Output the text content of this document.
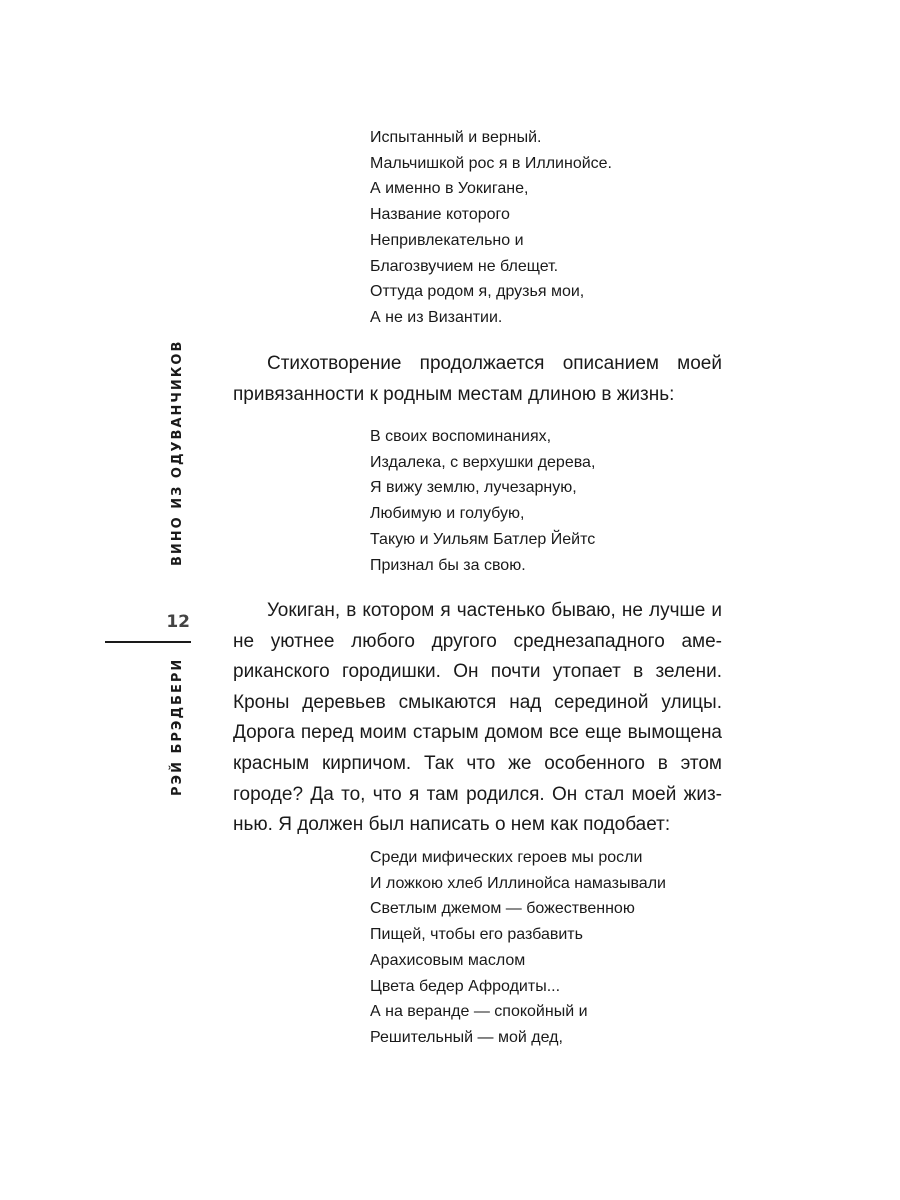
Испытанный и верный.
Мальчишкой рос я в Иллинойсе.
А именно в Уокигане,
Название которого
Непривлекательно и
Благозвучием не блещет.
Оттуда родом я, друзья мои,
А не из Византии.

Стихотворение продолжается описанием моей привязанности к родным местам длиною в жизнь:

В своих воспоминаниях,
Издалека, с верхушки дерева,
Я вижу землю, лучезарную,
Любимую и голубую,
Такую и Уильям Батлер Йейтс
Признал бы за свою.

Уокиган, в котором я частенько бываю, не лучше и не уютнее любого другого среднезападного американского городишки. Он почти утопает в зелени. Кроны деревьев смыкаются над серединой улицы. Дорога перед моим старым домом все еще вымощена красным кирпичом. Так что же особенного в этом городе? Да то, что я там родился. Он стал моей жизнью. Я должен был написать о нем как подобает:

Среди мифических героев мы росли
И ложкою хлеб Иллинойса намазывали
Светлым джемом — божественною
Пищей, чтобы его разбавить
Арахисовым маслом
Цвета бедер Афродиты...
А на веранде — спокойный и
Решительный — мой дед,
ВИНО ИЗ ОДУВАНЧИКОВ
12
РЭЙ БРЭДБЕРИ
